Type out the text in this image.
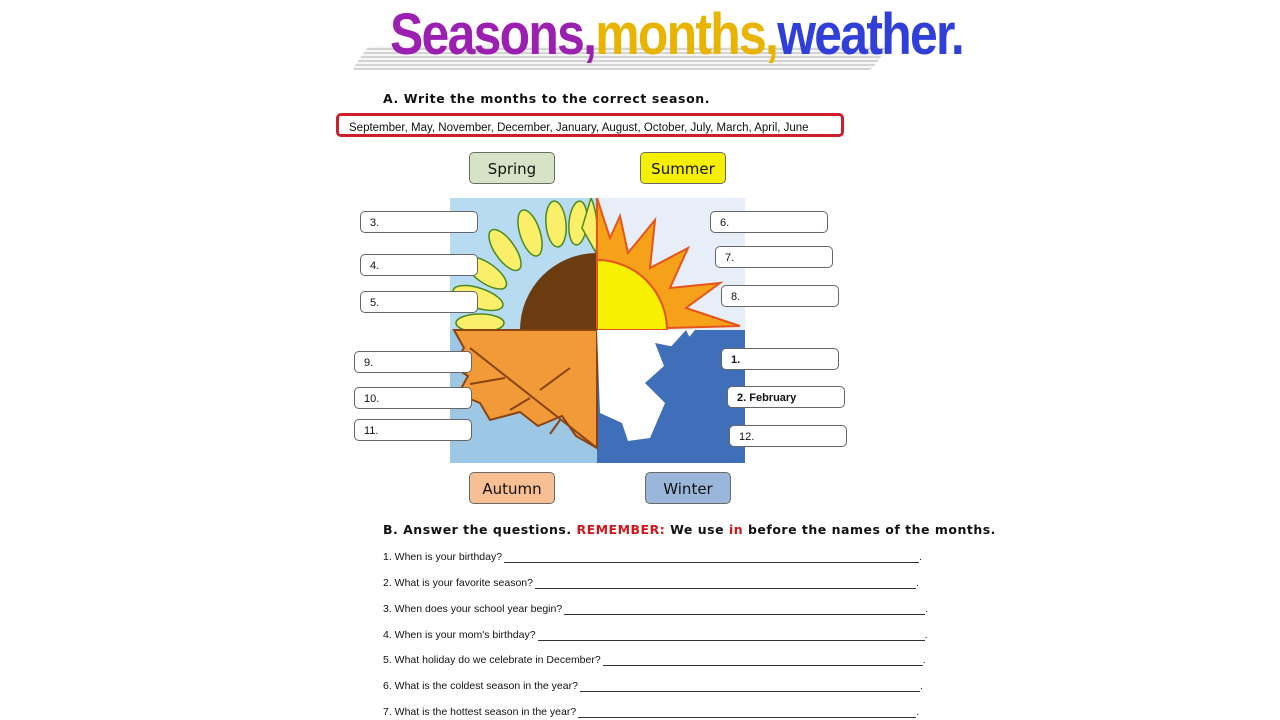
Seasons,months,weather.
A. Write the months to the correct season.
September, May, November, December, January, August, October, July, March, April, June
Spring	Summer
3.
4.
5.
6.
7.
8.
9.
10.
11.
1.
2. February
12.
Autumn	Winter
B. Answer the questions. REMEMBER: We use in before the names of the months.
1. When is your birthday?	.
2. What is your favorite season?	.
3. When does your school year begin?	.
4. When is your mom's birthday?	.
5. What holiday do we celebrate in December?	.
6. What is the coldest season in the year?	.
7. What is the hottest season in the year?	.
